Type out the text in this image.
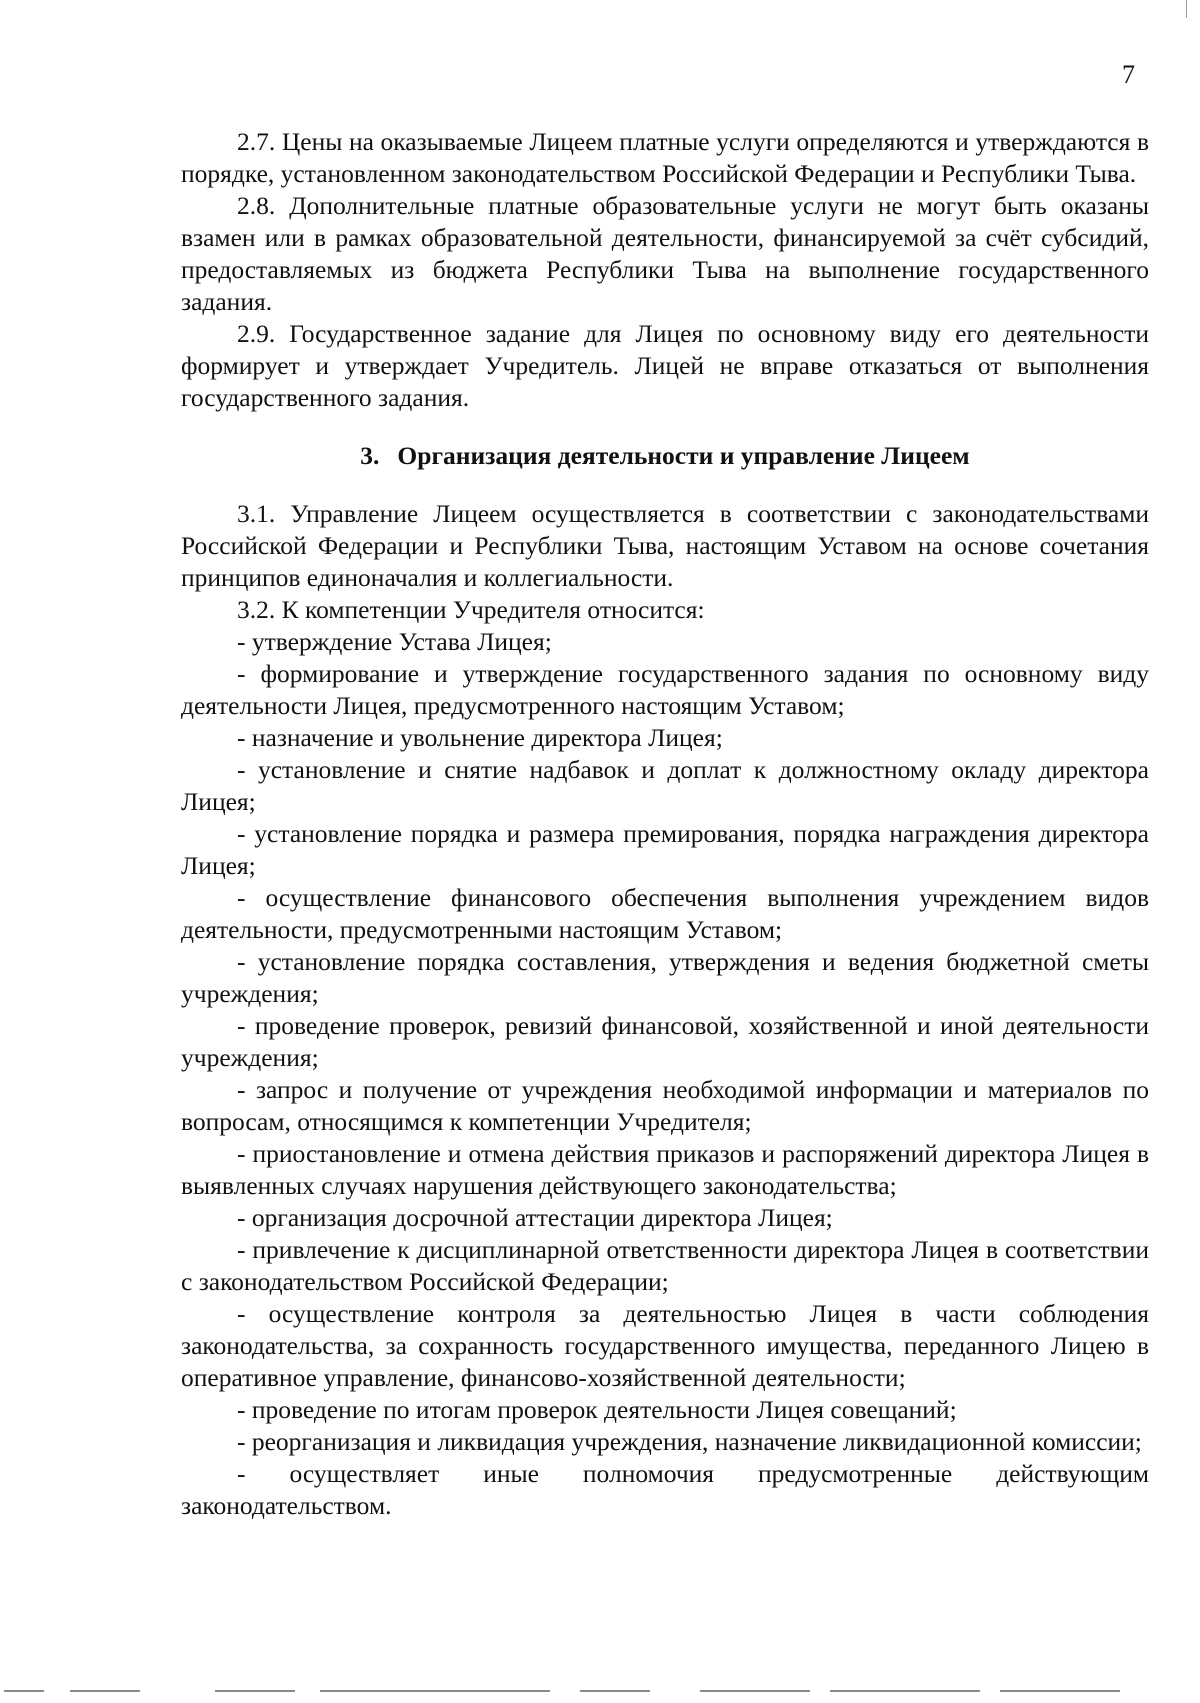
7

2.7. Цены на оказываемые Лицеем платные услуги определяются и утверждаются в порядке, установленном законодательством Российской Федерации и Республики Тыва.

2.8. Дополнительные платные образовательные услуги не могут быть оказаны взамен или в рамках образовательной деятельности, финансируемой за счёт субсидий, предоставляемых из бюджета Республики Тыва на выполнение государственного задания.

2.9. Государственное задание для Лицея по основному виду его деятельности формирует и утверждает Учредитель. Лицей не вправе отказаться от выполнения государственного задания.

3. Организация деятельности и управление Лицеем

3.1. Управление Лицеем осуществляется в соответствии с законодательствами Российской Федерации и Республики Тыва, настоящим Уставом на основе сочетания принципов единоначалия и коллегиальности.

3.2. К компетенции Учредителя относится:

- утверждение Устава Лицея;

- формирование и утверждение государственного задания по основному виду деятельности Лицея, предусмотренного настоящим Уставом;

- назначение и увольнение директора Лицея;

- установление и снятие надбавок и доплат к должностному окладу директора Лицея;

- установление порядка и размера премирования, порядка награждения директора Лицея;

- осуществление финансового обеспечения выполнения учреждением видов деятельности, предусмотренными настоящим Уставом;

- установление порядка составления, утверждения и ведения бюджетной сметы учреждения;

- проведение проверок, ревизий финансовой, хозяйственной и иной деятельности учреждения;

- запрос и получение от учреждения необходимой информации и материалов по вопросам, относящимся к компетенции Учредителя;

- приостановление и отмена действия приказов и распоряжений директора Лицея в выявленных случаях нарушения действующего законодательства;

- организация досрочной аттестации директора Лицея;

- привлечение к дисциплинарной ответственности директора Лицея в соответствии с законодательством Российской Федерации;

- осуществление контроля за деятельностью Лицея в части соблюдения законодательства, за сохранность государственного имущества, переданного Лицею в оперативное управление, финансово-хозяйственной деятельности;

- проведение по итогам проверок деятельности Лицея совещаний;

- реорганизация и ликвидация учреждения, назначение ликвидационной комиссии;

- осуществляет иные полномочия предусмотренные действующим законодательством.
